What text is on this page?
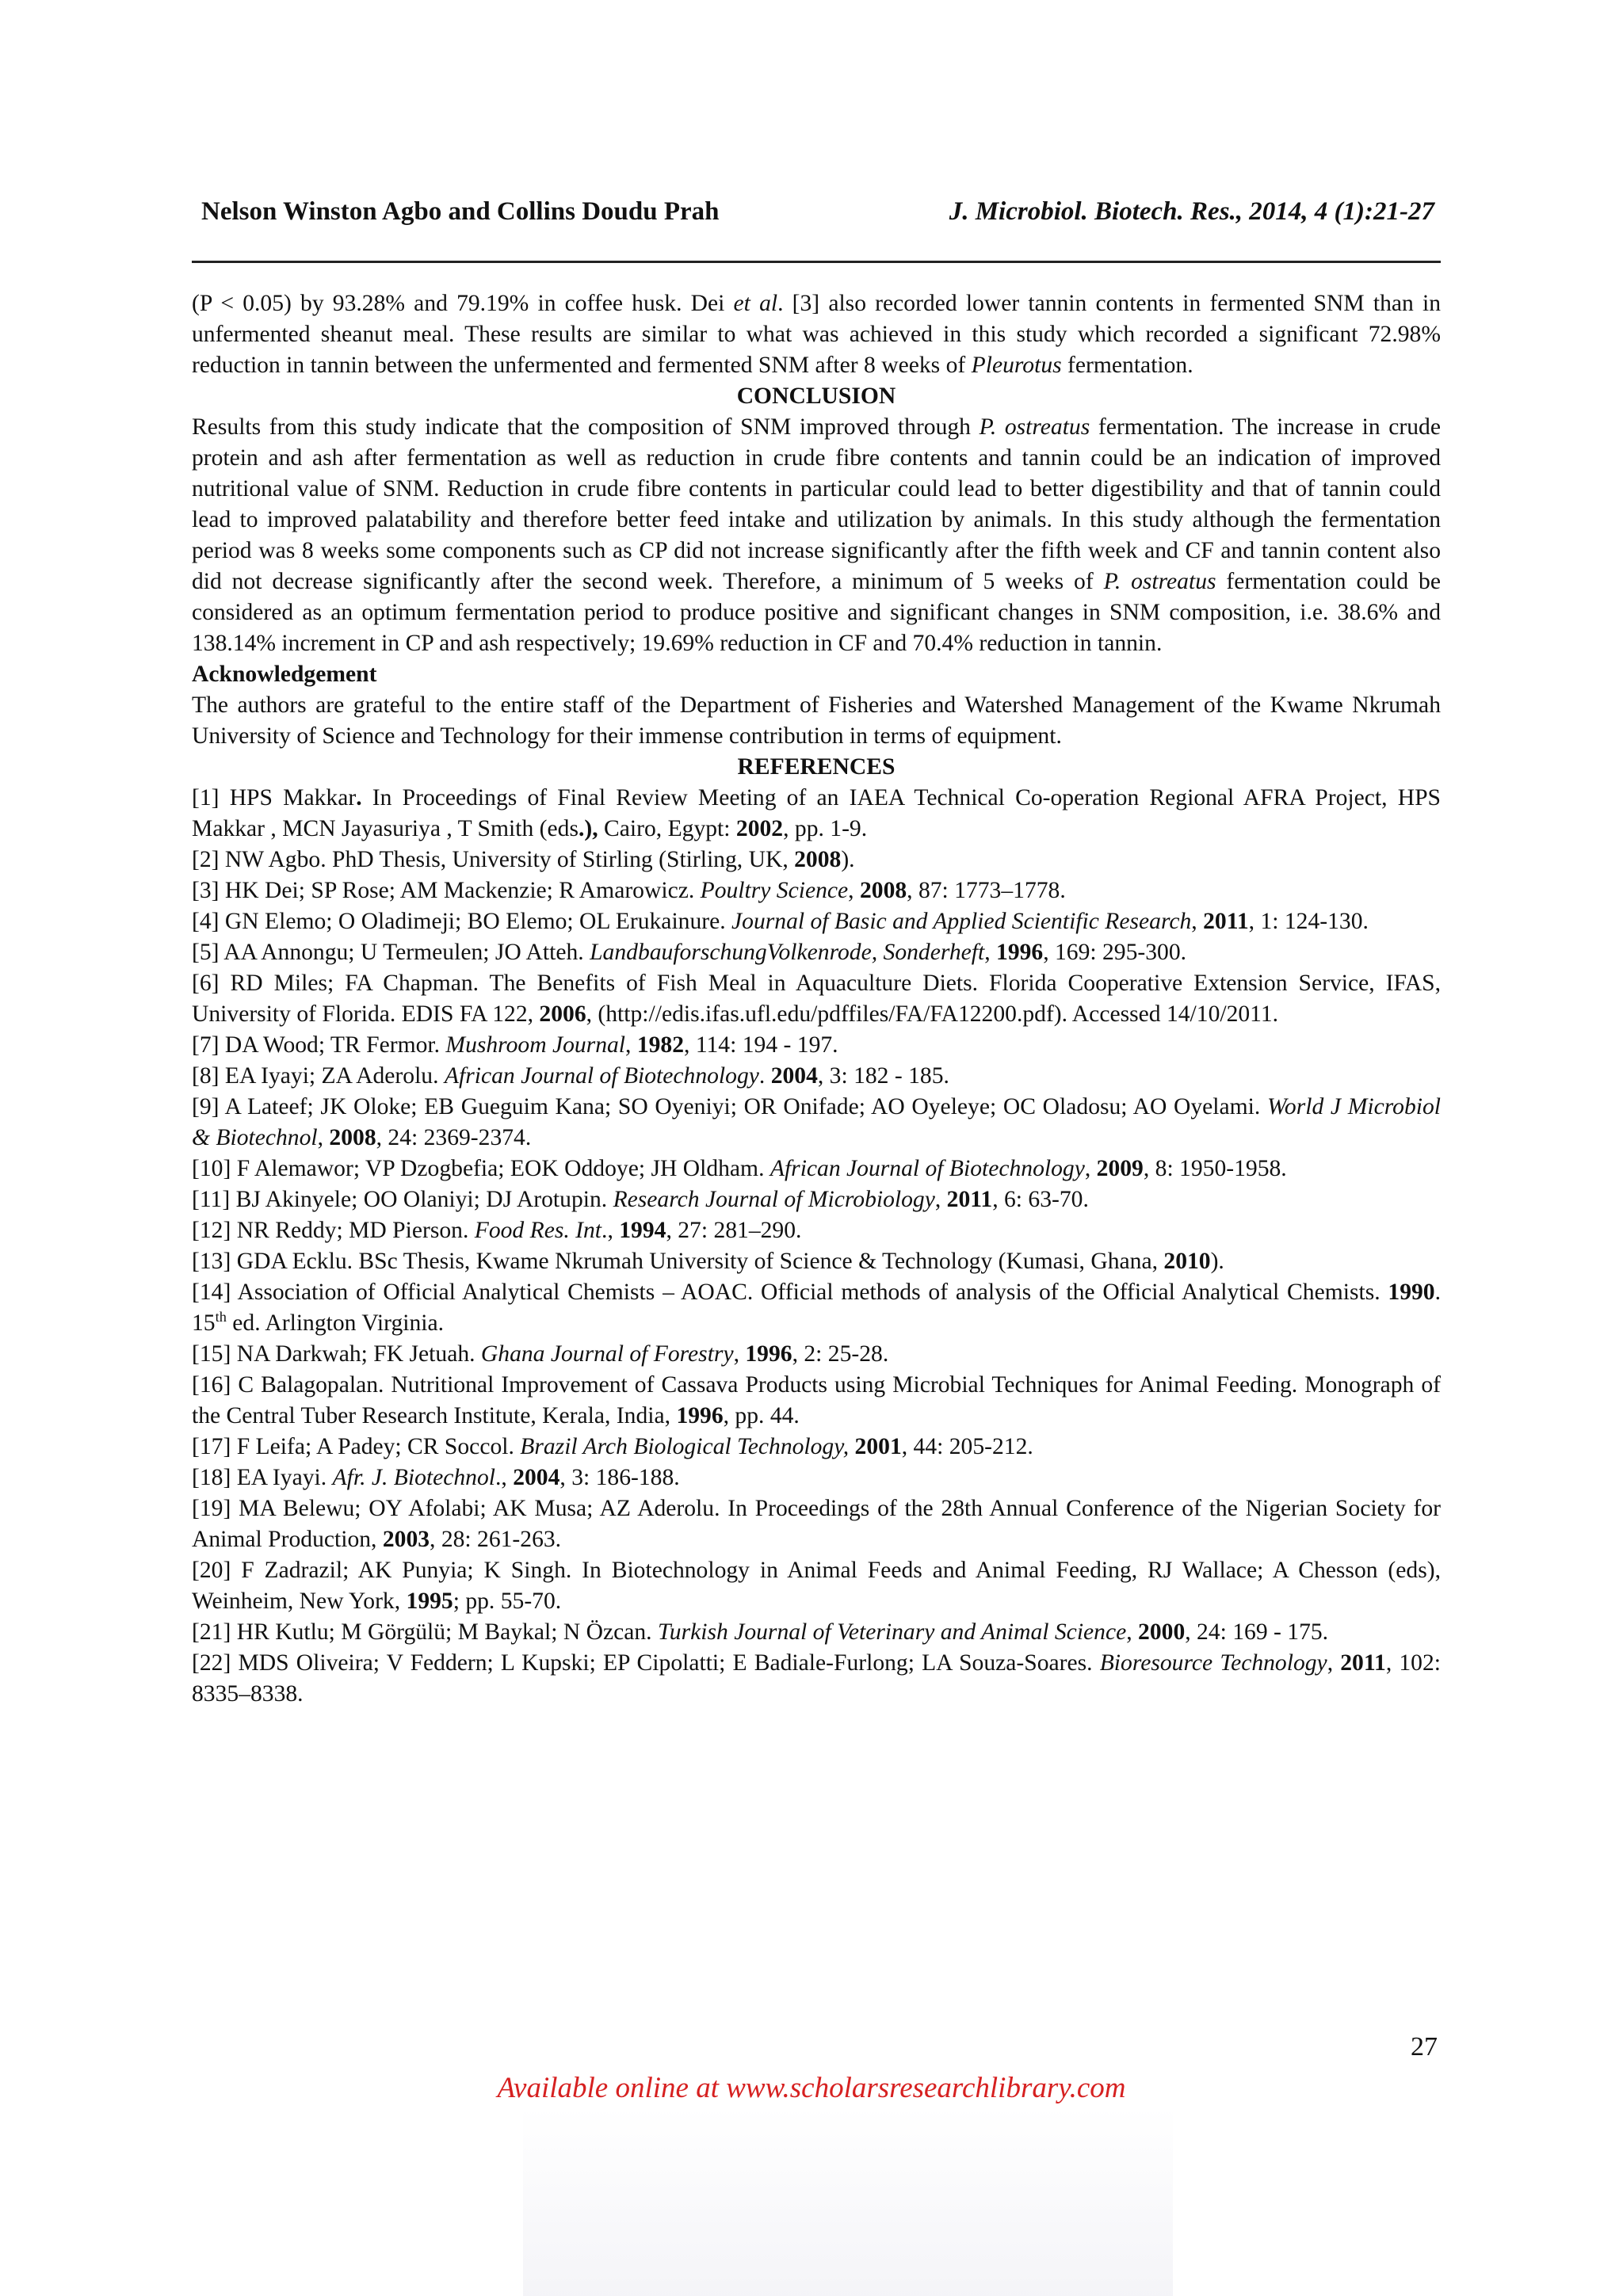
Nelson Winston Agbo and Collins Doudu Prah	J. Microbiol. Biotech. Res., 2014, 4 (1):21-27

(P < 0.05) by 93.28% and 79.19% in coffee husk. Dei et al. [3] also recorded lower tannin contents in fermented SNM than in unfermented sheanut meal. These results are similar to what was achieved in this study which recorded a significant 72.98% reduction in tannin between the unfermented and fermented SNM after 8 weeks of Pleurotus fermentation.

CONCLUSION

Results from this study indicate that the composition of SNM improved through P. ostreatus fermentation. The increase in crude protein and ash after fermentation as well as reduction in crude fibre contents and tannin could be an indication of improved nutritional value of SNM. Reduction in crude fibre contents in particular could lead to better digestibility and that of tannin could lead to improved palatability and therefore better feed intake and utilization by animals. In this study although the fermentation period was 8 weeks some components such as CP did not increase significantly after the fifth week and CF and tannin content also did not decrease significantly after the second week. Therefore, a minimum of 5 weeks of P. ostreatus fermentation could be considered as an optimum fermentation period to produce positive and significant changes in SNM composition, i.e. 38.6% and 138.14% increment in CP and ash respectively; 19.69% reduction in CF and 70.4% reduction in tannin.

Acknowledgement

The authors are grateful to the entire staff of the Department of Fisheries and Watershed Management of the Kwame Nkrumah University of Science and Technology for their immense contribution in terms of equipment.

REFERENCES

[1] HPS Makkar. In Proceedings of Final Review Meeting of an IAEA Technical Co-operation Regional AFRA Project, HPS Makkar , MCN Jayasuriya , T Smith (eds.), Cairo, Egypt: 2002, pp. 1-9.
[2] NW Agbo. PhD Thesis, University of Stirling (Stirling, UK, 2008).
[3] HK Dei; SP Rose; AM Mackenzie; R Amarowicz. Poultry Science, 2008, 87: 1773–1778.
[4] GN Elemo; O Oladimeji; BO Elemo; OL Erukainure. Journal of Basic and Applied Scientific Research, 2011, 1: 124-130.
[5] AA Annongu; U Termeulen; JO Atteh. LandbauforschungVolkenrode, Sonderheft, 1996, 169: 295-300.
[6] RD Miles; FA Chapman. The Benefits of Fish Meal in Aquaculture Diets. Florida Cooperative Extension Service, IFAS, University of Florida. EDIS FA 122, 2006, (http://edis.ifas.ufl.edu/pdffiles/FA/FA12200.pdf). Accessed 14/10/2011.
[7] DA Wood; TR Fermor. Mushroom Journal, 1982, 114: 194 - 197.
[8] EA Iyayi; ZA Aderolu. African Journal of Biotechnology. 2004, 3: 182 - 185.
[9] A Lateef; JK Oloke; EB Gueguim Kana; SO Oyeniyi; OR Onifade; AO Oyeleye; OC Oladosu; AO Oyelami. World J Microbiol & Biotechnol, 2008, 24: 2369-2374.
[10] F Alemawor; VP Dzogbefia; EOK Oddoye; JH Oldham. African Journal of Biotechnology, 2009, 8: 1950-1958.
[11] BJ Akinyele; OO Olaniyi; DJ Arotupin. Research Journal of Microbiology, 2011, 6: 63-70.
[12] NR Reddy; MD Pierson. Food Res. Int., 1994, 27: 281–290.
[13] GDA Ecklu. BSc Thesis, Kwame Nkrumah University of Science & Technology (Kumasi, Ghana, 2010).
[14] Association of Official Analytical Chemists – AOAC. Official methods of analysis of the Official Analytical Chemists. 1990. 15th ed. Arlington Virginia.
[15] NA Darkwah; FK Jetuah. Ghana Journal of Forestry, 1996, 2: 25-28.
[16] C Balagopalan. Nutritional Improvement of Cassava Products using Microbial Techniques for Animal Feeding. Monograph of the Central Tuber Research Institute, Kerala, India, 1996, pp. 44.
[17] F Leifa; A Padey; CR Soccol. Brazil Arch Biological Technology, 2001, 44: 205-212.
[18] EA Iyayi. Afr. J. Biotechnol., 2004, 3: 186-188.
[19] MA Belewu; OY Afolabi; AK Musa; AZ Aderolu. In Proceedings of the 28th Annual Conference of the Nigerian Society for Animal Production, 2003, 28: 261-263.
[20] F Zadrazil; AK Punyia; K Singh. In Biotechnology in Animal Feeds and Animal Feeding, RJ Wallace; A Chesson (eds), Weinheim, New York, 1995; pp. 55-70.
[21] HR Kutlu; M Görgülü; M Baykal; N Özcan. Turkish Journal of Veterinary and Animal Science, 2000, 24: 169 - 175.
[22] MDS Oliveira; V Feddern; L Kupski; EP Cipolatti; E Badiale-Furlong; LA Souza-Soares. Bioresource Technology, 2011, 102: 8335–8338.
27
Available online at www.scholarsresearchlibrary.com
